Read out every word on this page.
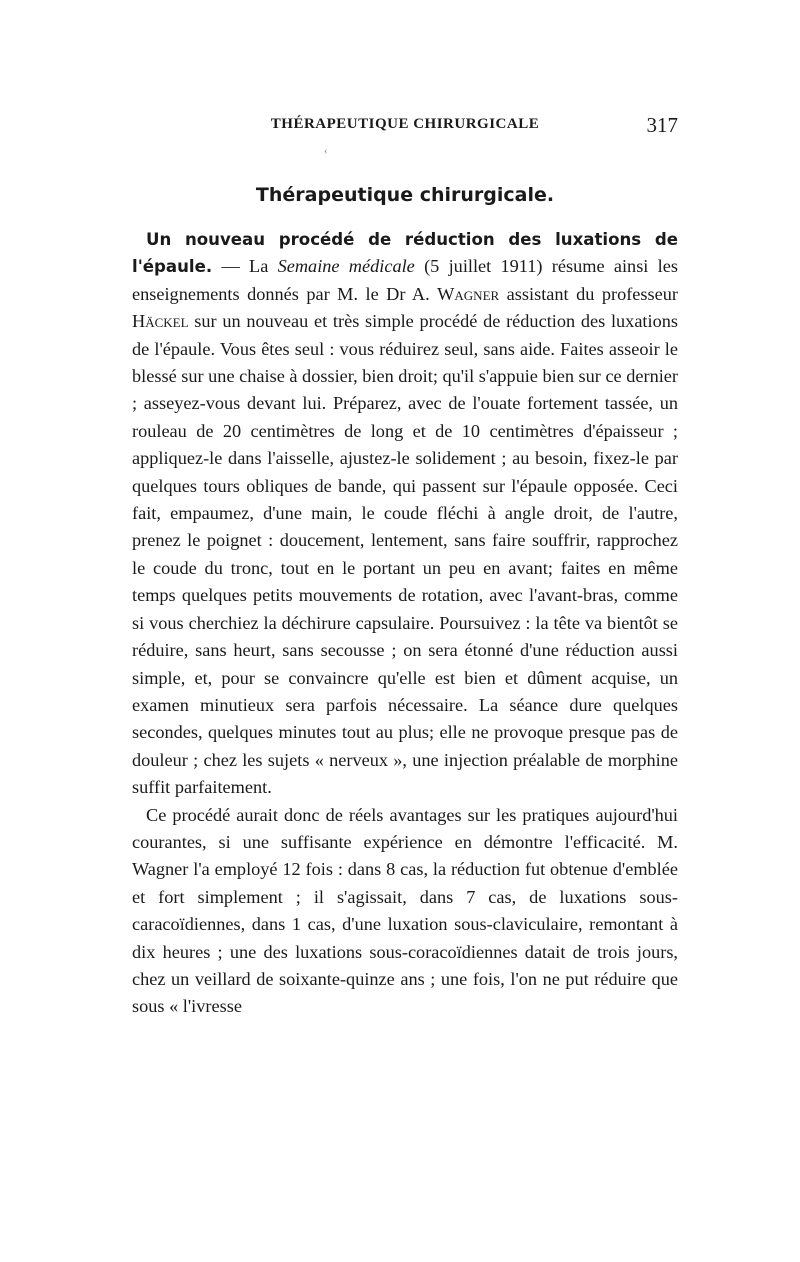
THÉRAPEUTIQUE CHIRURGICALE	317
‹
Thérapeutique chirurgicale.

Un nouveau procédé de réduction des luxations de l'épaule. — La Semaine médicale (5 juillet 1911) résume ainsi les enseignements donnés par M. le Dr A. Wagner assistant du professeur Häckel sur un nouveau et très simple procédé de réduction des luxations de l'épaule. Vous êtes seul : vous réduirez seul, sans aide. Faites asseoir le blessé sur une chaise à dossier, bien droit; qu'il s'appuie bien sur ce dernier ; asseyez-vous devant lui. Préparez, avec de l'ouate fortement tassée, un rouleau de 20 centimètres de long et de 10 centimètres d'épaisseur ; appliquez-le dans l'aisselle, ajustez-le solidement ; au besoin, fixez-le par quelques tours obliques de bande, qui passent sur l'épaule opposée. Ceci fait, empaumez, d'une main, le coude fléchi à angle droit, de l'autre, prenez le poignet : doucement, lentement, sans faire souffrir, rapprochez le coude du tronc, tout en le portant un peu en avant; faites en même temps quelques petits mouvements de rotation, avec l'avant-bras, comme si vous cherchiez la déchirure capsulaire. Poursuivez : la tête va bientôt se réduire, sans heurt, sans secousse ; on sera étonné d'une réduction aussi simple, et, pour se convaincre qu'elle est bien et dûment acquise, un examen minutieux sera parfois nécessaire. La séance dure quelques secondes, quelques minutes tout au plus; elle ne provoque presque pas de douleur ; chez les sujets « nerveux », une injection préalable de morphine suffit parfaitement.

Ce procédé aurait donc de réels avantages sur les pratiques aujourd'hui courantes, si une suffisante expérience en démontre l'efficacité. M. Wagner l'a employé 12 fois : dans 8 cas, la réduction fut obtenue d'emblée et fort simplement ; il s'agissait, dans 7 cas, de luxations sous-caracoïdiennes, dans 1 cas, d'une luxation sous-claviculaire, remontant à dix heures ; une des luxations sous-coracoïdiennes datait de trois jours, chez un veillard de soixante-quinze ans ; une fois, l'on ne put réduire que sous « l'ivresse
